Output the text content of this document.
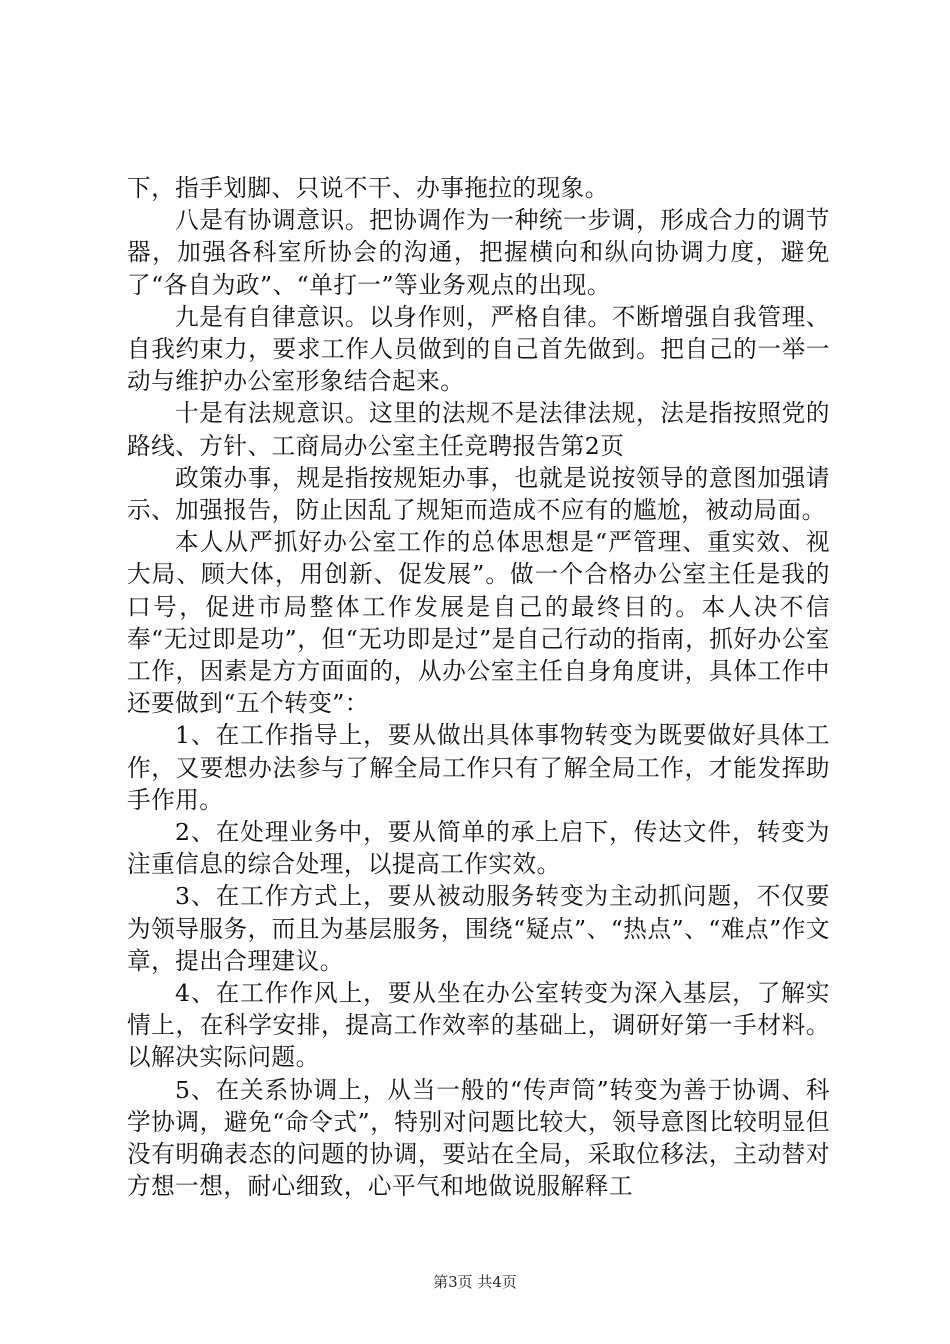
下，指手划脚、只说不干、办事拖拉的现象。

八是有协调意识。把协调作为一种统一步调，形成合力的调节器，加强各科室所协会的沟通，把握横向和纵向协调力度，避免了“各自为政”、“单打一”等业务观点的出现。

九是有自律意识。以身作则，严格自律。不断增强自我管理、自我约束力，要求工作人员做到的自己首先做到。把自己的一举一动与维护办公室形象结合起来。

十是有法规意识。这里的法规不是法律法规，法是指按照党的路线、方针、工商局办公室主任竞聘报告第2页

政策办事，规是指按规矩办事，也就是说按领导的意图加强请示、加强报告，防止因乱了规矩而造成不应有的尴尬，被动局面。

本人从严抓好办公室工作的总体思想是“严管理、重实效、视大局、顾大体，用创新、促发展”。做一个合格办公室主任是我的口号，促进市局整体工作发展是自己的最终目的。本人决不信奉“无过即是功”，但“无功即是过”是自己行动的指南，抓好办公室工作，因素是方方面面的，从办公室主任自身角度讲，具体工作中还要做到“五个转变”：

1、在工作指导上，要从做出具体事物转变为既要做好具体工作，又要想办法参与了解全局工作只有了解全局工作，才能发挥助手作用。

2、在处理业务中，要从简单的承上启下，传达文件，转变为注重信息的综合处理，以提高工作实效。

3、在工作方式上，要从被动服务转变为主动抓问题，不仅要为领导服务，而且为基层服务，围绕“疑点”、“热点”、“难点”作文章，提出合理建议。

4、在工作作风上，要从坐在办公室转变为深入基层，了解实情上，在科学安排，提高工作效率的基础上，调研好第一手材料。以解决实际问题。

5、在关系协调上，从当一般的“传声筒”转变为善于协调、科学协调，避免“命令式”，特别对问题比较大，领导意图比较明显但没有明确表态的问题的协调，要站在全局，采取位移法，主动替对方想一想，耐心细致，心平气和地做说服解释工

第3页 共4页
